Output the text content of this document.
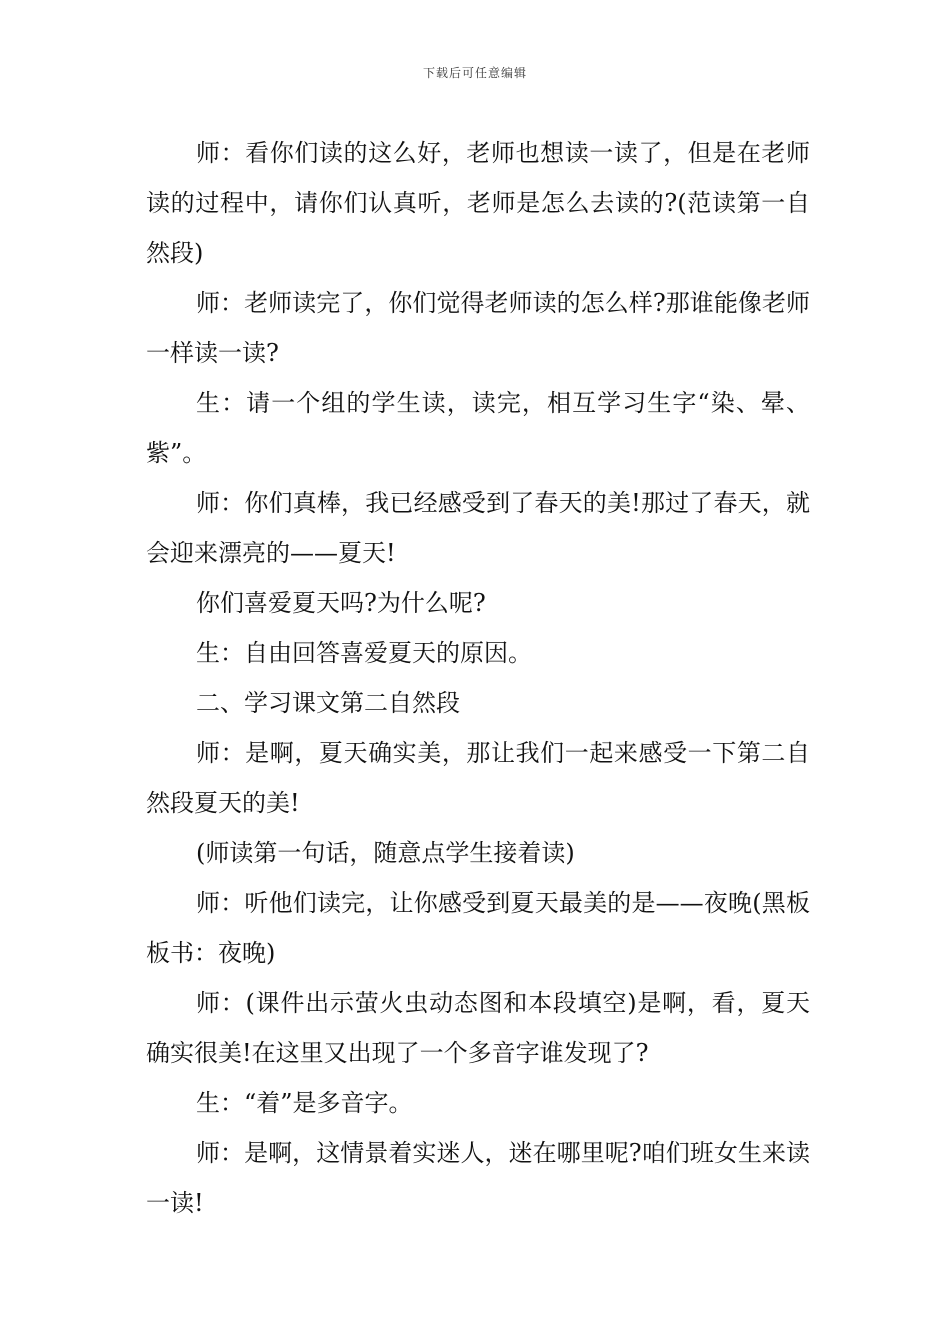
下载后可任意编辑

师：看你们读的这么好，老师也想读一读了，但是在老师读的过程中，请你们认真听，老师是怎么去读的?(范读第一自然段)

师：老师读完了，你们觉得老师读的怎么样?那谁能像老师一样读一读?

生：请一个组的学生读，读完，相互学习生字“染、晕、紫”。

师：你们真棒，我已经感受到了春天的美!那过了春天，就会迎来漂亮的——夏天!

你们喜爱夏天吗?为什么呢?

生：自由回答喜爱夏天的原因。

二、学习课文第二自然段

师：是啊，夏天确实美，那让我们一起来感受一下第二自然段夏天的美!

(师读第一句话，随意点学生接着读)

师：听他们读完，让你感受到夏天最美的是——夜晚(黑板板书：夜晚)

师：(课件出示萤火虫动态图和本段填空)是啊，看，夏天确实很美!在这里又出现了一个多音字谁发现了?

生：“着”是多音字。

师：是啊，这情景着实迷人，迷在哪里呢?咱们班女生来读一读!
